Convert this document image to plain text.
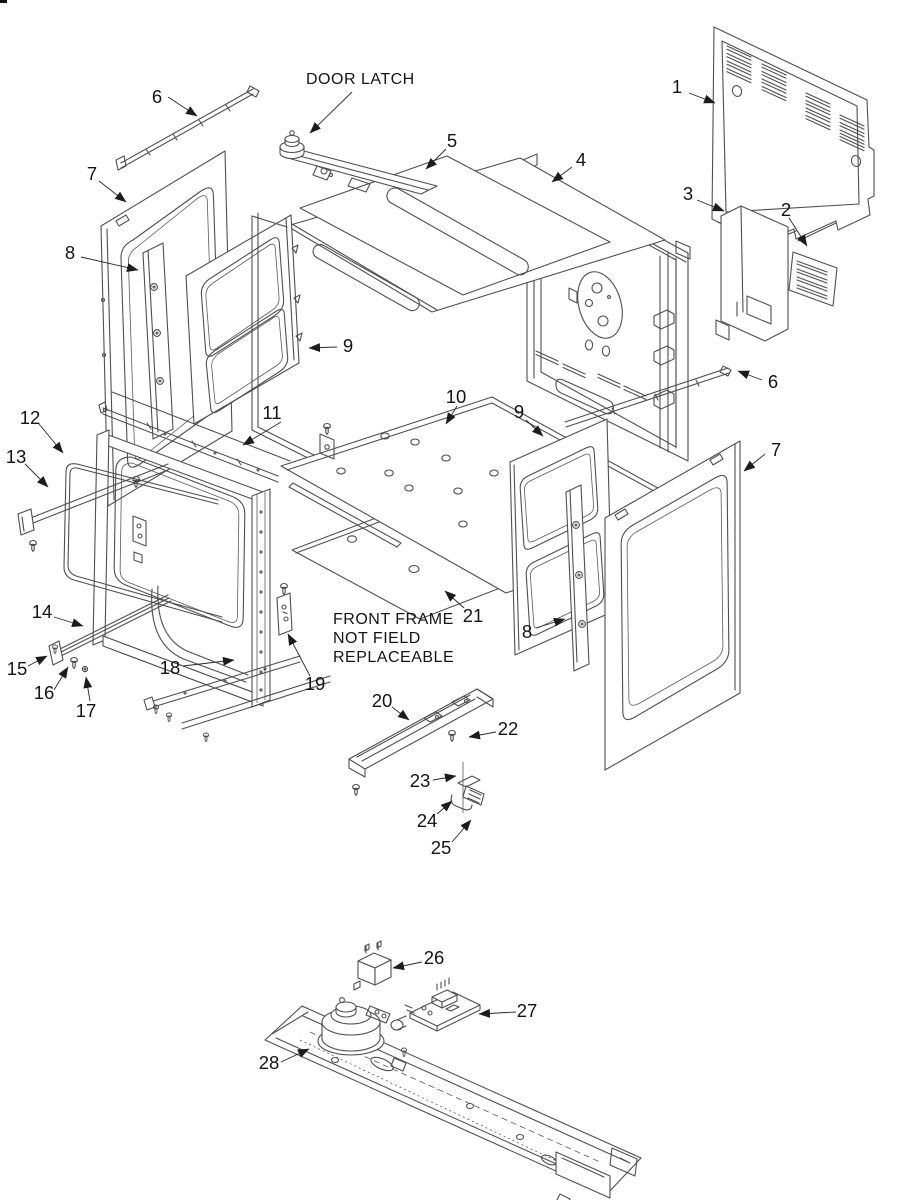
6
DOOR LATCH
5
4
1
3
2
7
8
9
6
10
9
11
12
13	7
21
8
14
15
16
17
18
19
20
22
23
24
25
26
27
28
FRONT FRAME
NOT FIELD
REPLACEABLE
